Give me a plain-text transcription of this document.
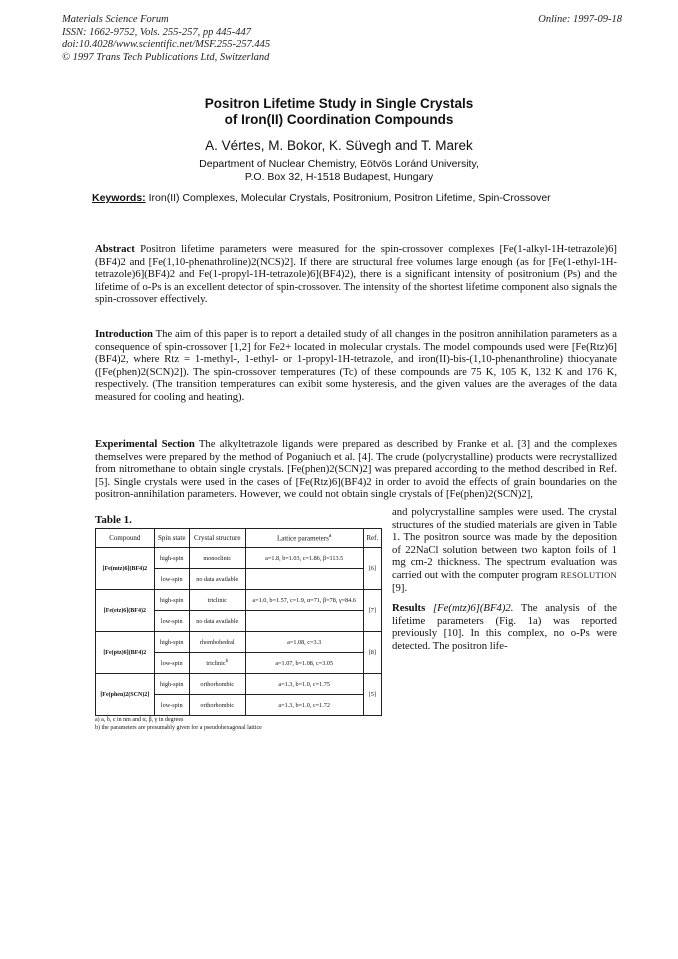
Materials Science Forum
ISSN: 1662-9752, Vols. 255-257, pp 445-447
doi:10.4028/www.scientific.net/MSF.255-257.445
© 1997 Trans Tech Publications Ltd, Switzerland
Online: 1997-09-18
Positron Lifetime Study in Single Crystals
of Iron(II) Coordination Compounds
A. Vértes, M. Bokor, K. Süvegh and T. Marek
Department of Nuclear Chemistry, Eötvös Loránd University,
P.O. Box 32, H-1518 Budapest, Hungary
Keywords: Iron(II) Complexes, Molecular Crystals, Positronium, Positron Lifetime, Spin-Crossover
Abstract Positron lifetime parameters were measured for the spin-crossover complexes [Fe(1-alkyl-1H-tetrazole)6](BF4)2 and [Fe(1,10-phenathroline)2(NCS)2]. If there are structural free volumes large enough (as for [Fe(1-ethyl-1H-tetrazole)6](BF4)2 and Fe(1-propyl-1H-tetrazole)6](BF4)2), there is a significant intensity of positronium (Ps) and the lifetime of o-Ps is an excellent detector of spin-crossover. The intensity of the shortest lifetime component also signals the spin-crossover effectively.
Introduction The aim of this paper is to report a detailed study of all changes in the positron annihilation parameters as a consequence of spin-crossover [1,2] for Fe2+ located in molecular crystals. The model compounds used were [Fe(Rtz)6](BF4)2, where Rtz = 1-methyl-, 1-ethyl- or 1-propyl-1H-tetrazole, and iron(II)-bis-(1,10-phenanthroline) thiocyanate ([Fe(phen)2(SCN)2]). The spin-crossover temperatures (Tc) of these compounds are 75 K, 105 K, 132 K and 176 K, respectively. (The transition temperatures can exibit some hysteresis, and the given values are the averages of the data measured for cooling and heating).
Experimental Section The alkyltetrazole ligands were prepared as described by Franke et al. [3] and the complexes themselves were prepared by the method of Poganiuch et al. [4]. The crude (polycrystalline) products were recrystallized from nitromethane to obtain single crystals. [Fe(phen)2(SCN)2] was prepared according to the method described in Ref. [5]. Single crystals were used in the cases of [Fe(Rtz)6](BF4)2 in order to avoid the effects of grain boundaries on the positron-annihilation parameters. However, we could not obtain single crystals of [Fe(phen)2(SCN)2],
Table 1.
Compound	Spin state	Crystal structure	Lattice parameters$^a$	Ref.
[Fe(mtz)6](BF4)2	high-spin	monoclinic	a=1.8, b=1.03, c=1.86, β=113.5	[6]
	low-spin	no data available		
[Fe(etz)6](BF4)2	high-spin	triclinic	a=1.0, b=1.57, c=1.9, α=71, β=78, γ=84.6	[7]
	low-spin	no data available		
[Fe(ptz)6](BF4)2	high-spin	rhombohedral	a=1.08, c=3.3	[8]
	low-spin	triclinic$^b$	a=1.07, b=1.08, c=3.05	
[Fe(phen)2(SCN)2]	high-spin	orthorhombic	a=1.3, b=1.0, c=1.75	[5]
	low-spin	orthorhombic	a=1.3, b=1.0, c=1.72	
a) a, b, c in nm and α, β, γ in degrees
b) the parameters are presumably given for a pseudohexagonal lattice
and polycrystalline samples were used. The crystal structures of the studied materials are given in Table 1. The positron source was made by the deposition of 22NaCl solution between two kapton foils of 1 mg cm-2 thickness. The spectrum evaluation was carried out with the computer program RESOLUTION [9].
Results [Fe(mtz)6](BF4)2. The analysis of the lifetime parameters (Fig. 1a) was reported previously [10]. In this complex, no o-Ps were detected. The positron life-
